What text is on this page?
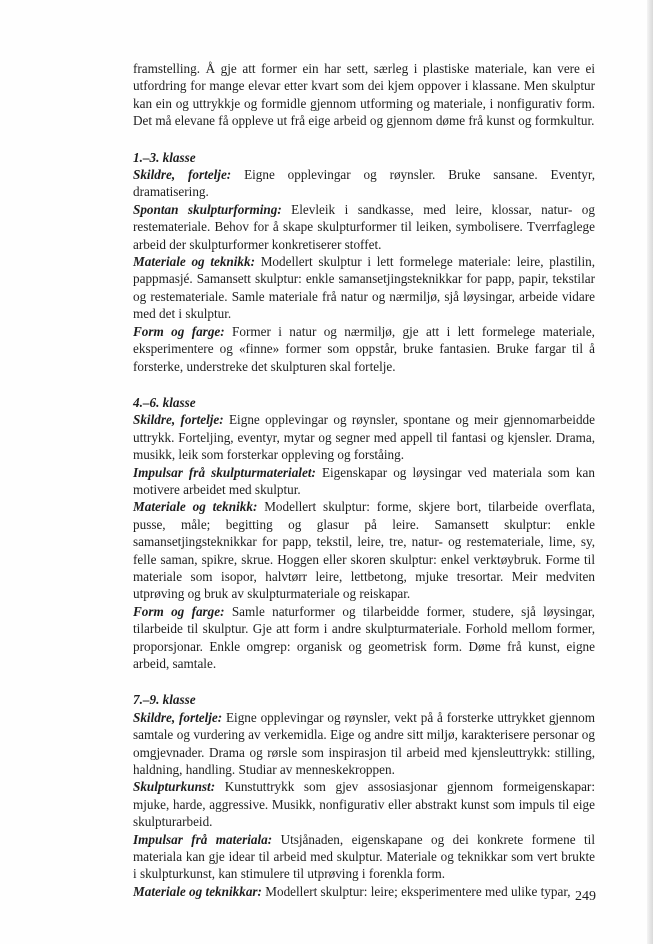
framstelling. Å gje att former ein har sett, særleg i plastiske materiale, kan vere ei utfordring for mange elevar etter kvart som dei kjem oppover i klassane. Men skulptur kan ein og uttrykkje og formidle gjennom utforming og materiale, i nonfigurativ form. Det må elevane få oppleve ut frå eige arbeid og gjennom døme frå kunst og formkultur.

1.–3. klasse

Skildre, fortelje: Eigne opplevingar og røynsler. Bruke sansane. Eventyr, dramatisering.

Spontan skulpturforming: Elevleik i sandkasse, med leire, klossar, natur- og restemateriale. Behov for å skape skulpturformer til leiken, symbolisere. Tverrfaglege arbeid der skulpturformer konkretiserer stoffet.

Materiale og teknikk: Modellert skulptur i lett formelege materiale: leire, plastilin, pappmasjé. Samansett skulptur: enkle samansetjingsteknikkar for papp, papir, tekstilar og restemateriale. Samle materiale frå natur og nærmiljø, sjå løysingar, arbeide vidare med det i skulptur.

Form og farge: Former i natur og nærmiljø, gje att i lett formelege materiale, eksperimentere og «finne» former som oppstår, bruke fantasien. Bruke fargar til å forsterke, understreke det skulpturen skal fortelje.

4.–6. klasse

Skildre, fortelje: Eigne opplevingar og røynsler, spontane og meir gjennomarbeidde uttrykk. Forteljing, eventyr, mytar og segner med appell til fantasi og kjensler. Drama, musikk, leik som forsterkar oppleving og forståing.

Impulsar frå skulpturmaterialet: Eigenskapar og løysingar ved materiala som kan motivere arbeidet med skulptur.

Materiale og teknikk: Modellert skulptur: forme, skjere bort, tilarbeide overflata, pusse, måle; begitting og glasur på leire. Samansett skulptur: enkle samansetjingsteknikkar for papp, tekstil, leire, tre, natur- og restemateriale, lime, sy, felle saman, spikre, skrue. Hoggen eller skoren skulptur: enkel verktøybruk. Forme til materiale som isopor, halvtørr leire, lettbetong, mjuke tresortar. Meir medviten utprøving og bruk av skulpturmateriale og reiskapar.

Form og farge: Samle naturformer og tilarbeidde former, studere, sjå løysingar, tilarbeide til skulptur. Gje att form i andre skulpturmateriale. Forhold mellom former, proporsjonar. Enkle omgrep: organisk og geometrisk form. Døme frå kunst, eigne arbeid, samtale.

7.–9. klasse

Skildre, fortelje: Eigne opplevingar og røynsler, vekt på å forsterke uttrykket gjennom samtale og vurdering av verkemidla. Eige og andre sitt miljø, karakterisere personar og omgjevnader. Drama og rørsle som inspirasjon til arbeid med kjensleuttrykk: stilling, haldning, handling. Studiar av menneskekroppen.

Skulpturkunst: Kunstuttrykk som gjev assosiasjonar gjennom formeigenskapar: mjuke, harde, aggressive. Musikk, nonfigurativ eller abstrakt kunst som impuls til eige skulpturarbeid.

Impulsar frå materiala: Utsjånaden, eigenskapane og dei konkrete formene til materiala kan gje idear til arbeid med skulptur. Materiale og teknikkar som vert brukte i skulpturkunst, kan stimulere til utprøving i forenkla form.

Materiale og teknikkar: Modellert skulptur: leire; eksperimentere med ulike typar, 249
